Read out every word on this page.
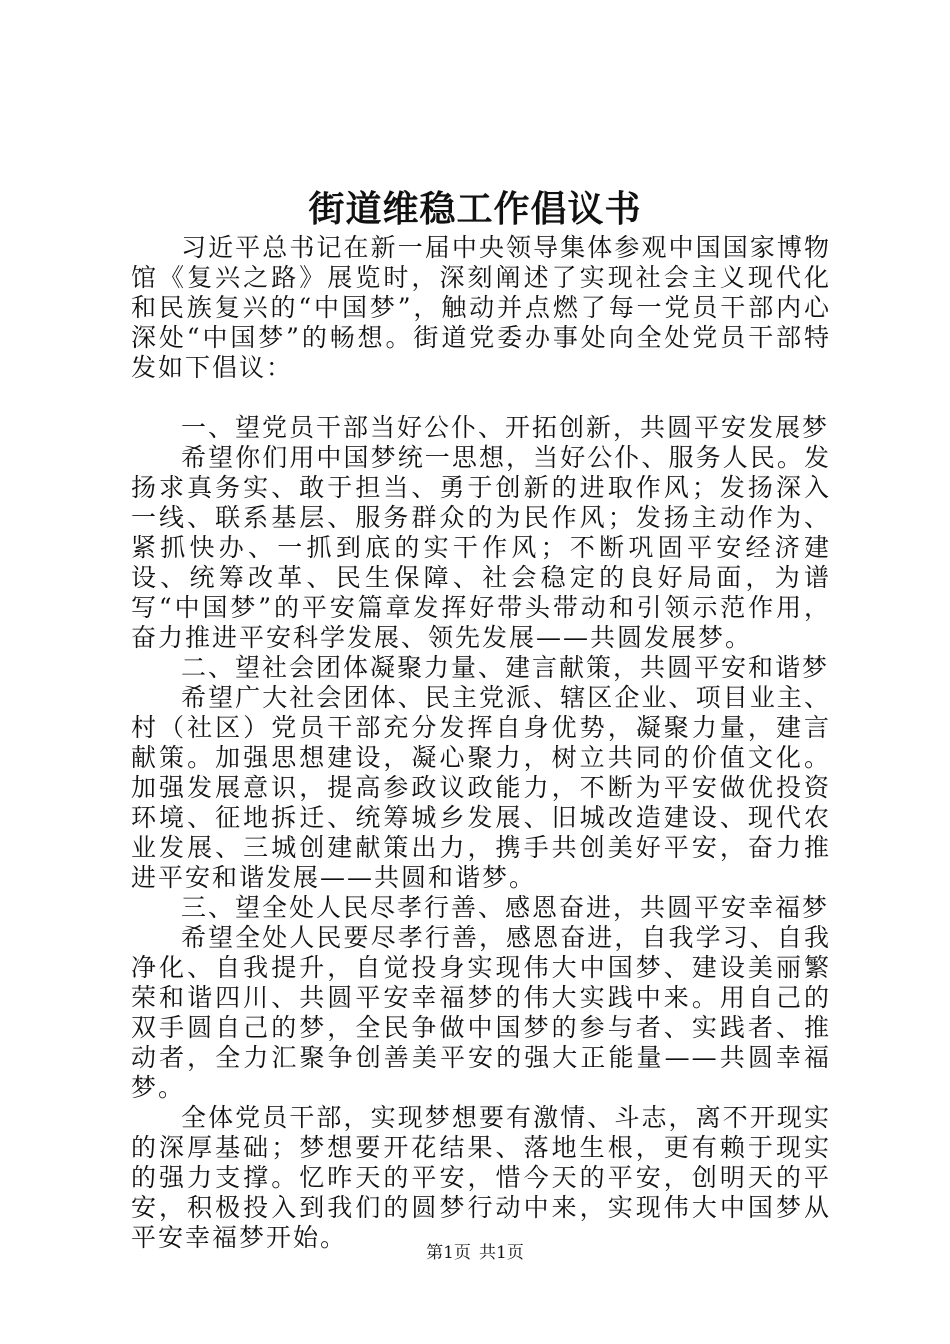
街道维稳工作倡议书

习近平总书记在新一届中央领导集体参观中国国家博物馆《复兴之路》展览时，深刻阐述了实现社会主义现代化和民族复兴的“中国梦”，触动并点燃了每一党员干部内心深处“中国梦”的畅想。街道党委办事处向全处党员干部特发如下倡议：

一、望党员干部当好公仆、开拓创新，共圆平安发展梦

希望你们用中国梦统一思想，当好公仆、服务人民。发扬求真务实、敢于担当、勇于创新的进取作风；发扬深入一线、联系基层、服务群众的为民作风；发扬主动作为、紧抓快办、一抓到底的实干作风；不断巩固平安经济建设、统筹改革、民生保障、社会稳定的良好局面，为谱写“中国梦”的平安篇章发挥好带头带动和引领示范作用，奋力推进平安科学发展、领先发展——共圆发展梦。

二、望社会团体凝聚力量、建言献策，共圆平安和谐梦

希望广大社会团体、民主党派、辖区企业、项目业主、村（社区）党员干部充分发挥自身优势，凝聚力量，建言献策。加强思想建设，凝心聚力，树立共同的价值文化。加强发展意识，提高参政议政能力，不断为平安做优投资环境、征地拆迁、统筹城乡发展、旧城改造建设、现代农业发展、三城创建献策出力，携手共创美好平安，奋力推进平安和谐发展——共圆和谐梦。

三、望全处人民尽孝行善、感恩奋进，共圆平安幸福梦

希望全处人民要尽孝行善，感恩奋进，自我学习、自我净化、自我提升，自觉投身实现伟大中国梦、建设美丽繁荣和谐四川、共圆平安幸福梦的伟大实践中来。用自己的双手圆自己的梦，全民争做中国梦的参与者、实践者、推动者，全力汇聚争创善美平安的强大正能量——共圆幸福梦。

全体党员干部，实现梦想要有激情、斗志，离不开现实的深厚基础；梦想要开花结果、落地生根，更有赖于现实的强力支撑。忆昨天的平安，惜今天的平安，创明天的平安，积极投入到我们的圆梦行动中来，实现伟大中国梦从平安幸福梦开始。

第1页 共1页
